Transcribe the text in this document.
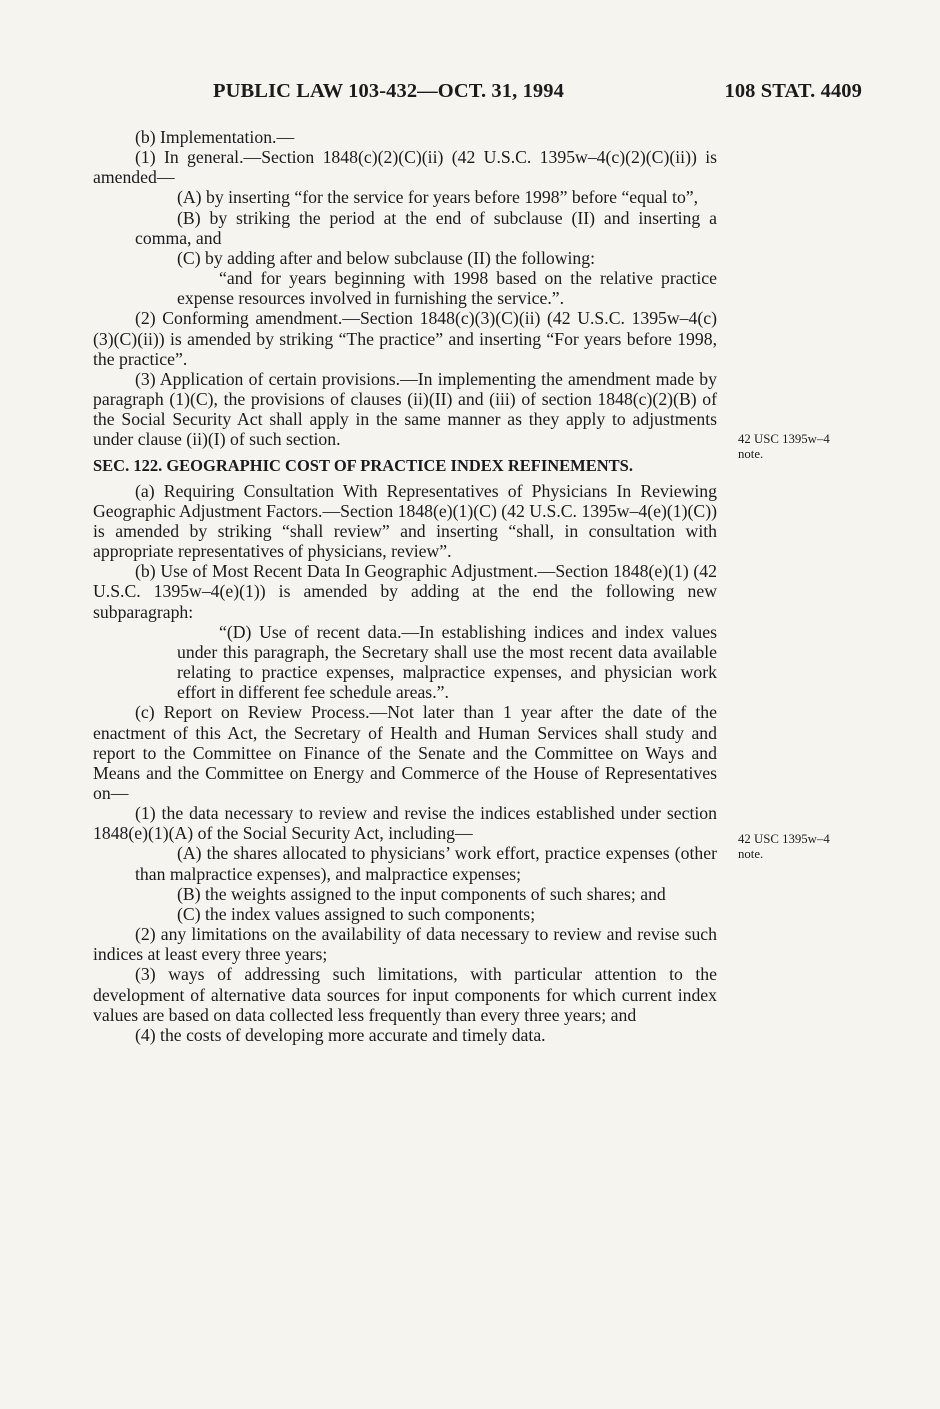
PUBLIC LAW 103-432—OCT. 31, 1994	108 STAT. 4409

(b) Implementation.—

(1) In general.—Section 1848(c)(2)(C)(ii) (42 U.S.C. 1395w–4(c)(2)(C)(ii)) is amended—

(A) by inserting “for the service for years before 1998” before “equal to”,

(B) by striking the period at the end of subclause (II) and inserting a comma, and

(C) by adding after and below subclause (II) the following:

“and for years beginning with 1998 based on the relative practice expense resources involved in furnishing the service.”.

(2) Conforming amendment.—Section 1848(c)(3)(C)(ii) (42 U.S.C. 1395w–4(c)(3)(C)(ii)) is amended by striking “The practice” and inserting “For years before 1998, the practice”.

(3) Application of certain provisions.—In implementing the amendment made by paragraph (1)(C), the provisions of clauses (ii)(II) and (iii) of section 1848(c)(2)(B) of the Social Security Act shall apply in the same manner as they apply to adjustments under clause (ii)(I) of such section.

SEC. 122. GEOGRAPHIC COST OF PRACTICE INDEX REFINEMENTS.

(a) Requiring Consultation With Representatives of Physicians In Reviewing Geographic Adjustment Factors.—Section 1848(e)(1)(C) (42 U.S.C. 1395w–4(e)(1)(C)) is amended by striking “shall review” and inserting “shall, in consultation with appropriate representatives of physicians, review”.

(b) Use of Most Recent Data In Geographic Adjustment.—Section 1848(e)(1) (42 U.S.C. 1395w–4(e)(1)) is amended by adding at the end the following new subparagraph:

“(D) Use of recent data.—In establishing indices and index values under this paragraph, the Secretary shall use the most recent data available relating to practice expenses, malpractice expenses, and physician work effort in different fee schedule areas.”.

(c) Report on Review Process.—Not later than 1 year after the date of the enactment of this Act, the Secretary of Health and Human Services shall study and report to the Committee on Finance of the Senate and the Committee on Ways and Means and the Committee on Energy and Commerce of the House of Representatives on—

(1) the data necessary to review and revise the indices established under section 1848(e)(1)(A) of the Social Security Act, including—

(A) the shares allocated to physicians’ work effort, practice expenses (other than malpractice expenses), and malpractice expenses;

(B) the weights assigned to the input components of such shares; and

(C) the index values assigned to such components;

(2) any limitations on the availability of data necessary to review and revise such indices at least every three years;

(3) ways of addressing such limitations, with particular attention to the development of alternative data sources for input components for which current index values are based on data collected less frequently than every three years; and

(4) the costs of developing more accurate and timely data.

42 USC 1395w–4
note.
42 USC 1395w–4
note.
